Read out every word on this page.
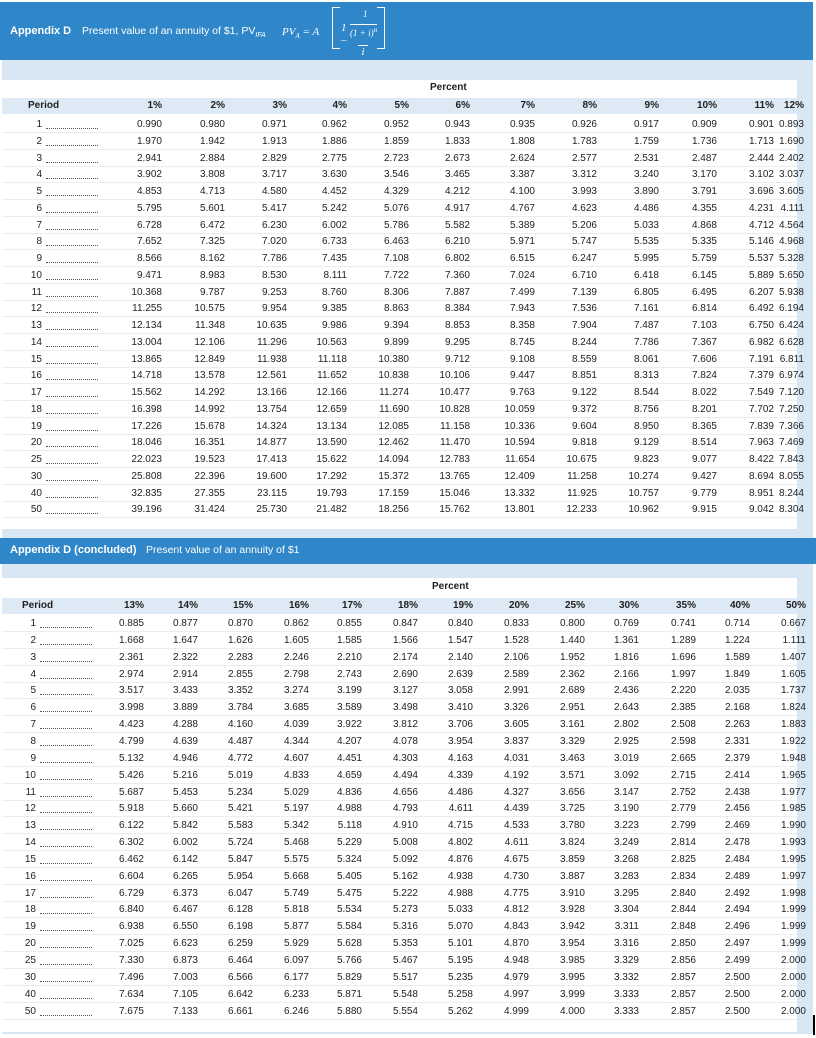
Appendix D Present value of an annuity of $1, $PV_{IFA}$ $PV_A = A$ 1 –
1
$(1 + i)^n$
i
Percent
Period	1%	2%	3%	4%	5%	6%	7%	8%	9%	10%	11% 12%
1	0.990	0.980	0.971	0.962	0.952	0.943	0.935	0.926	0.917	0.909	0.901 0.893
2	1.970	1.942	1.913	1.886	1.859	1.833	1.808	1.783	1.759	1.736	1.713 1.690
3	2.941	2.884	2.829	2.775	2.723	2.673	2.624	2.577	2.531	2.487	2.444 2.402
4	3.902	3.808	3.717	3.630	3.546	3.465	3.387	3.312	3.240	3.170	3.102 3.037
5	4.853	4.713	4.580	4.452	4.329	4.212	4.100	3.993	3.890	3.791	3.696 3.605
6	5.795	5.601	5.417	5.242	5.076	4.917	4.767	4.623	4.486	4.355	4.231 4.111
7	6.728	6.472	6.230	6.002	5.786	5.582	5.389	5.206	5.033	4.868	4.712 4.564
8	7.652	7.325	7.020	6.733	6.463	6.210	5.971	5.747	5.535	5.335	5.146 4.968
9	8.566	8.162	7.786	7.435	7.108	6.802	6.515	6.247	5.995	5.759	5.537 5.328
10	9.471	8.983	8.530	8.111	7.722	7.360	7.024	6.710	6.418	6.145	5.889 5.650
11	10.368	9.787	9.253	8.760	8.306	7.887	7.499	7.139	6.805	6.495	6.207 5.938
12	11.255	10.575	9.954	9.385	8.863	8.384	7.943	7.536	7.161	6.814	6.492 6.194
13	12.134	11.348	10.635	9.986	9.394	8.853	8.358	7.904	7.487	7.103	6.750 6.424
14	13.004	12.106	11.296	10.563	9.899	9.295	8.745	8.244	7.786	7.367	6.982 6.628
15	13.865	12.849	11.938	11.118	10.380	9.712	9.108	8.559	8.061	7.606	7.191 6.811
16	14.718	13.578	12.561	11.652	10.838	10.106	9.447	8.851	8.313	7.824	7.379 6.974
17	15.562	14.292	13.166	12.166	11.274	10.477	9.763	9.122	8.544	8.022	7.549 7.120
18	16.398	14.992	13.754	12.659	11.690	10.828	10.059	9.372	8.756	8.201	7.702 7.250
19	17.226	15.678	14.324	13.134	12.085	11.158	10.336	9.604	8.950	8.365	7.839 7.366
20	18.046	16.351	14.877	13.590	12.462	11.470	10.594	9.818	9.129	8.514	7.963 7.469
25	22.023	19.523	17.413	15.622	14.094	12.783	11.654	10.675	9.823	9.077	8.422 7.843
30	25.808	22.396	19.600	17.292	15.372	13.765	12.409	11.258	10.274	9.427	8.694 8.055
40	32.835	27.355	23.115	19.793	17.159	15.046	13.332	11.925	10.757	9.779	8.951 8.244
50	39.196	31.424	25.730	21.482	18.256	15.762	13.801	12.233	10.962	9.915	9.042 8.304
Appendix D (concluded) Present value of an annuity of $1
Percent
Period	13%	14%	15%	16%	17%	18%	19%	20%	25%	30%	35%	40%	50%
1	0.885	0.877	0.870	0.862	0.855	0.847	0.840	0.833	0.800	0.769	0.741	0.714	0.667
2	1.668	1.647	1.626	1.605	1.585	1.566	1.547	1.528	1.440	1.361	1.289	1.224	1.111
3	2.361	2.322	2.283	2.246	2.210	2.174	2.140	2.106	1.952	1.816	1.696	1.589	1.407
4	2.974	2.914	2.855	2.798	2.743	2.690	2.639	2.589	2.362	2.166	1.997	1.849	1.605
5	3.517	3.433	3.352	3.274	3.199	3.127	3.058	2.991	2.689	2.436	2.220	2.035	1.737
6	3.998	3.889	3.784	3.685	3.589	3.498	3.410	3.326	2.951	2.643	2.385	2.168	1.824
7	4.423	4.288	4.160	4.039	3.922	3.812	3.706	3.605	3.161	2.802	2.508	2.263	1.883
8	4.799	4.639	4.487	4.344	4.207	4.078	3.954	3.837	3.329	2.925	2.598	2.331	1.922
9	5.132	4.946	4.772	4.607	4.451	4.303	4.163	4.031	3.463	3.019	2.665	2.379	1.948
10	5.426	5.216	5.019	4.833	4.659	4.494	4.339	4.192	3.571	3.092	2.715	2.414	1.965
11	5.687	5.453	5.234	5.029	4.836	4.656	4.486	4.327	3.656	3.147	2.752	2.438	1.977
12	5.918	5.660	5.421	5.197	4.988	4.793	4.611	4.439	3.725	3.190	2.779	2.456	1.985
13	6.122	5.842	5.583	5.342	5.118	4.910	4.715	4.533	3.780	3.223	2.799	2.469	1.990
14	6.302	6.002	5.724	5.468	5.229	5.008	4.802	4.611	3.824	3.249	2.814	2.478	1.993
15	6.462	6.142	5.847	5.575	5.324	5.092	4.876	4.675	3.859	3.268	2.825	2.484	1.995
16	6.604	6.265	5.954	5.668	5.405	5.162	4.938	4.730	3.887	3.283	2.834	2.489	1.997
17	6.729	6.373	6.047	5.749	5.475	5.222	4.988	4.775	3.910	3.295	2.840	2.492	1.998
18	6.840	6.467	6.128	5.818	5.534	5.273	5.033	4.812	3.928	3.304	2.844	2.494	1.999
19	6.938	6.550	6.198	5.877	5.584	5.316	5.070	4.843	3.942	3.311	2.848	2.496	1.999
20	7.025	6.623	6.259	5.929	5.628	5.353	5.101	4.870	3.954	3.316	2.850	2.497	1.999
25	7.330	6.873	6.464	6.097	5.766	5.467	5.195	4.948	3.985	3.329	2.856	2.499	2.000
30	7.496	7.003	6.566	6.177	5.829	5.517	5.235	4.979	3.995	3.332	2.857	2.500	2.000
40	7.634	7.105	6.642	6.233	5.871	5.548	5.258	4.997	3.999	3.333	2.857	2.500	2.000
50	7.675	7.133	6.661	6.246	5.880	5.554	5.262	4.999	4.000	3.333	2.857	2.500	2.000
